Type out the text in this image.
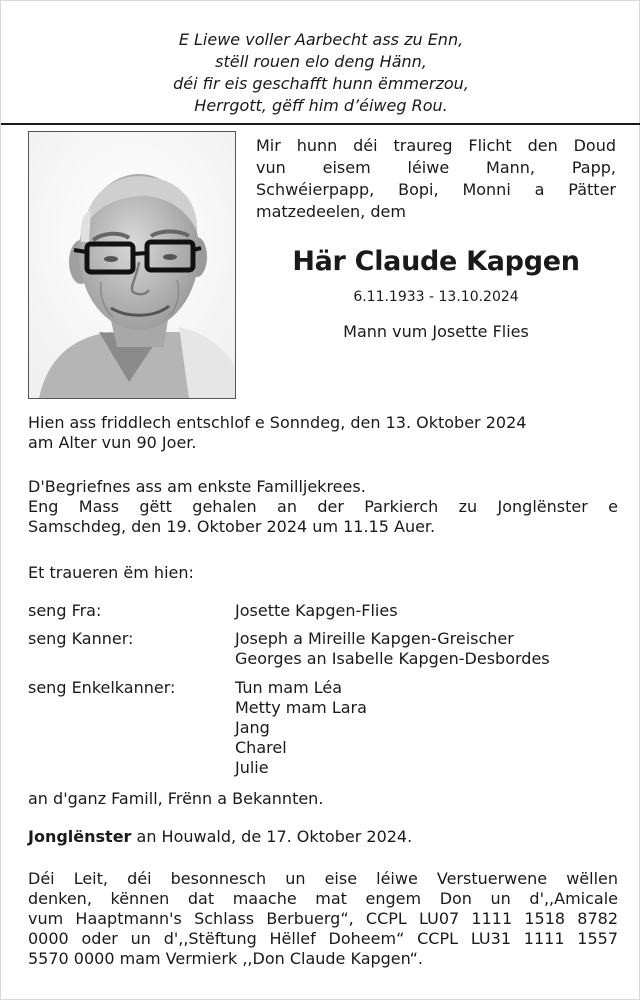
E Liewe voller Aarbecht ass zu Enn,
stëll rouen elo deng Hänn,
déi fir eis geschafft hunn ëmmerzou,
Herrgott, gëff him d’éiweg Rou.
Mir hunn déi traureg Flicht den Doud
vun eisem léiwe Mann, Papp,
Schwéierpapp, Bopi, Monni a Pätter
matzedeelen, dem
Här Claude Kapgen
6.11.1933 - 13.10.2024
Mann vum Josette Flies
Hien ass friddlech entschlof e Sonndeg, den 13. Oktober 2024
am Alter vun 90 Joer.
D'Begriefnes ass am enkste Familljekrees.
Eng Mass gëtt gehalen an der Parkierch zu Jonglënster e
Samschdeg, den 19. Oktober 2024 um 11.15 Auer.
Et traueren ëm hien:
seng Fra:	Josette Kapgen-Flies
seng Kanner:	Joseph a Mireille Kapgen-Greischer
Georges an Isabelle Kapgen-Desbordes
seng Enkelkanner:	Tun mam Léa
Metty mam Lara
Jang
Charel
Julie
an d'ganz Famill, Frënn a Bekannten.
Jonglënster an Houwald, de 17. Oktober 2024.
Déi Leit, déi besonnesch un eise léiwe Verstuerwene wëllen
denken, kënnen dat maache mat engem Don un d',,Amicale
vum Haaptmann's Schlass Berbuerg“, CCPL LU07 1111 1518 8782
0000 oder un d',,Stëftung Hëllef Doheem“ CCPL LU31 1111 1557
5570 0000 mam Vermierk ,,Don Claude Kapgen“.
